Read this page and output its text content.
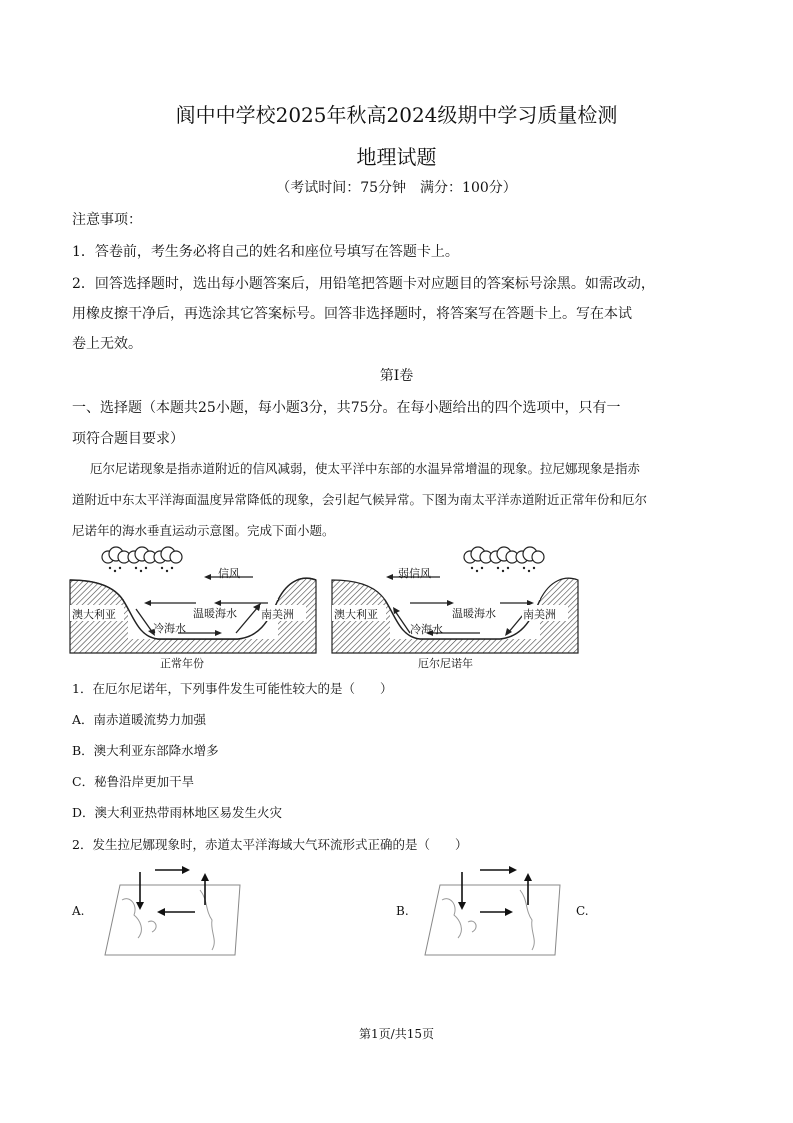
阆中中学校2025年秋高2024级期中学习质量检测
地理试题
（考试时间：75分钟　满分：100分）
注意事项：
1．答卷前，考生务必将自己的姓名和座位号填写在答题卡上。
2．回答选择题时，选出每小题答案后，用铅笔把答题卡对应题目的答案标号涂黑。如需改动，
用橡皮擦干净后，再选涂其它答案标号。回答非选择题时，将答案写在答题卡上。写在本试
卷上无效。
第Ⅰ卷
一、选择题（本题共25小题，每小题3分，共75分。在每小题给出的四个选项中，只有一
项符合题目要求）
厄尔尼诺现象是指赤道附近的信风减弱，使太平洋中东部的水温异常增温的现象。拉尼娜现象是指赤
道附近中东太平洋海面温度异常降低的现象，会引起气候异常。下图为南太平洋赤道附近正常年份和厄尔
尼诺年的海水垂直运动示意图。完成下面小题。
信风
澳大利亚	南美洲
温暖海水
冷海水
正常年份
弱信风
澳大利亚	南美洲
温暖海水
冷海水
厄尔尼诺年
1．在厄尔尼诺年，下列事件发生可能性较大的是（　　）
A．南赤道暖流势力加强
B．澳大利亚东部降水增多
C．秘鲁沿岸更加干旱
D．澳大利亚热带雨林地区易发生火灾
2．发生拉尼娜现象时，赤道太平洋海域大气环流形式正确的是（　　）
A.	B.	C.
第1页/共15页
